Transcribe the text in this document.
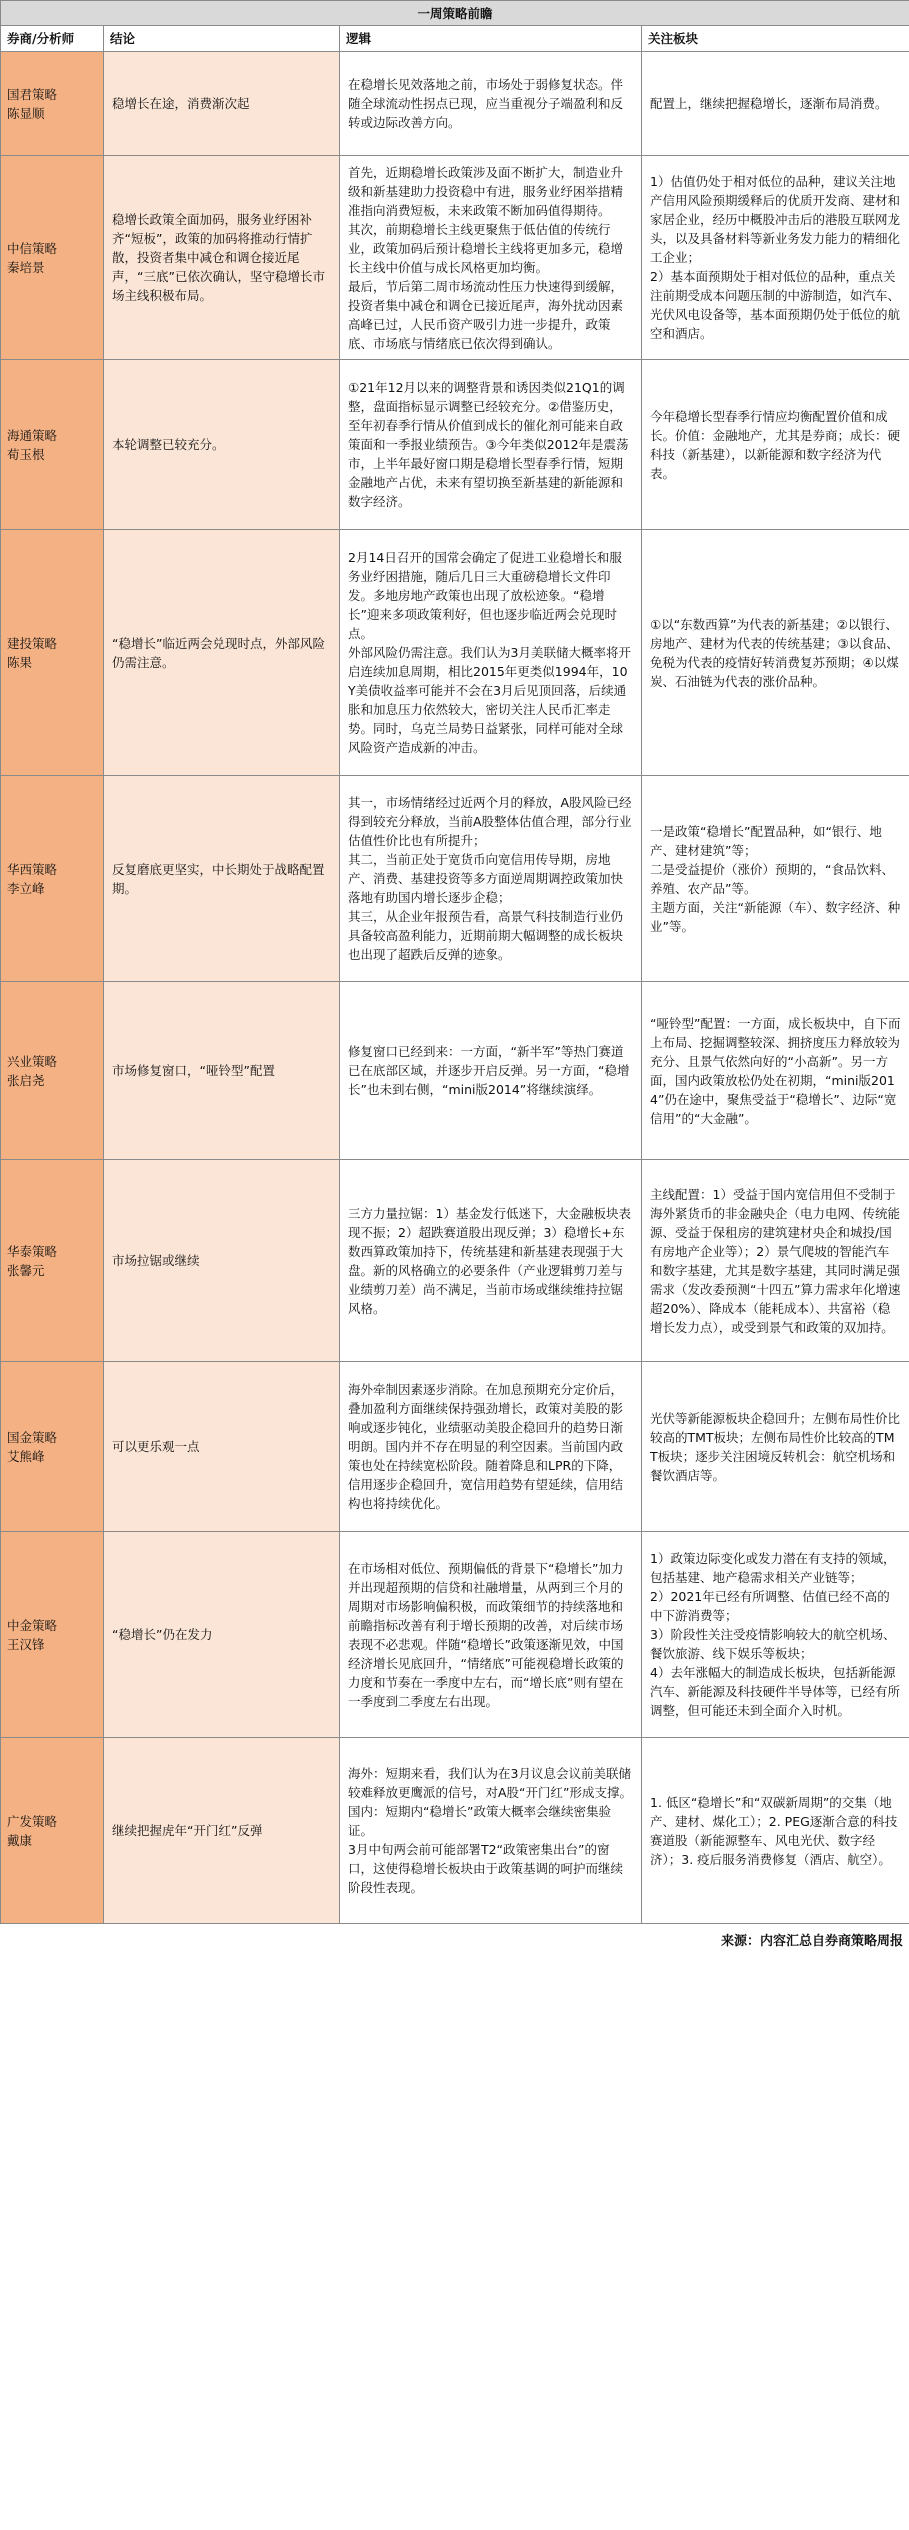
一周策略前瞻			
券商/分析师	结论	逻辑	关注板块

国君策略
陈显顺	稳增长在途，消费渐次起	在稳增长见效落地之前，市场处于弱修复状态。伴随全球流动性拐点已现，应当重视分子端盈利和反转或边际改善方向。	配置上，继续把握稳增长，逐渐布局消费。

中信策略
秦培景	稳增长政策全面加码，服务业纾困补齐“短板”，政策的加码将推动行情扩散，投资者集中减仓和调仓接近尾声，“三底”已依次确认，坚守稳增长市场主线积极布局。	首先，近期稳增长政策涉及面不断扩大，制造业升级和新基建助力投资稳中有进，服务业纾困举措精准指向消费短板，未来政策不断加码值得期待。
其次，前期稳增长主线更聚焦于低估值的传统行业，政策加码后预计稳增长主线将更加多元，稳增长主线中价值与成长风格更加均衡。
最后，节后第二周市场流动性压力快速得到缓解，投资者集中减仓和调仓已接近尾声，海外扰动因素高峰已过，人民币资产吸引力进一步提升，政策底、市场底与情绪底已依次得到确认。	1）估值仍处于相对低位的品种，建议关注地产信用风险预期缓释后的优质开发商、建材和家居企业，经历中概股冲击后的港股互联网龙头，以及具备材料等新业务发力能力的精细化工企业；
2）基本面预期处于相对低位的品种，重点关注前期受成本问题压制的中游制造，如汽车、光伏风电设备等，基本面预期仍处于低位的航空和酒店。

海通策略
荀玉根	本轮调整已较充分。	①21年12月以来的调整背景和诱因类似21Q1的调整，盘面指标显示调整已经较充分。②借鉴历史，至年初春季行情从价值到成长的催化剂可能来自政策面和一季报业绩预告。③今年类似2012年是震荡市，上半年最好窗口期是稳增长型春季行情，短期金融地产占优，未来有望切换至新基建的新能源和数字经济。	今年稳增长型春季行情应均衡配置价值和成长。价值：金融地产，尤其是券商；成长：硬科技（新基建），以新能源和数字经济为代表。

建投策略
陈果	“稳增长”临近两会兑现时点，外部风险仍需注意。	2月14日召开的国常会确定了促进工业稳增长和服务业纾困措施，随后几日三大重磅稳增长文件印发。多地房地产政策也出现了放松迹象。“稳增长”迎来多项政策利好，但也逐步临近两会兑现时点。
外部风险仍需注意。我们认为3月美联储大概率将开启连续加息周期，相比2015年更类似1994年，10Y美债收益率可能并不会在3月后见顶回落，后续通胀和加息压力依然较大，密切关注人民币汇率走势。同时，乌克兰局势日益紧张，同样可能对全球风险资产造成新的冲击。	①以“东数西算”为代表的新基建；②以银行、房地产、建材为代表的传统基建；③以食品、免税为代表的疫情好转消费复苏预期；④以煤炭、石油链为代表的涨价品种。

华西策略
李立峰	反复磨底更坚实，中长期处于战略配置期。	其一，市场情绪经过近两个月的释放，A股风险已经得到较充分释放，当前A股整体估值合理，部分行业估值性价比也有所提升；
其二，当前正处于宽货币向宽信用传导期，房地产、消费、基建投资等多方面逆周期调控政策加快落地有助国内增长逐步企稳；
其三，从企业年报预告看，高景气科技制造行业仍具备较高盈利能力，近期前期大幅调整的成长板块也出现了超跌后反弹的迹象。	一是政策“稳增长”配置品种，如“银行、地产、建材建筑”等；
二是受益提价（涨价）预期的，“食品饮料、养殖、农产品”等。
主题方面，关注“新能源（车）、数字经济、种业”等。

兴业策略
张启尧	市场修复窗口，“哑铃型”配置	修复窗口已经到来：一方面，“新半军”等热门赛道已在底部区域，并逐步开启反弹。另一方面，“稳增长”也未到右侧，“mini版2014”将继续演绎。	“哑铃型”配置：一方面，成长板块中，自下而上布局、挖掘调整较深、拥挤度压力释放较为充分、且景气依然向好的“小高新”。另一方面，国内政策放松仍处在初期，“mini版2014”仍在途中，聚焦受益于“稳增长”、边际“宽信用”的“大金融”。

华泰策略
张馨元	市场拉锯或继续	三方力量拉锯：1）基金发行低迷下，大金融板块表现不振；2）超跌赛道股出现反弹；3）稳增长+东数西算政策加持下，传统基建和新基建表现强于大盘。新的风格确立的必要条件（产业逻辑剪刀差与业绩剪刀差）尚不满足，当前市场或继续维持拉锯风格。	主线配置：1）受益于国内宽信用但不受制于海外紧货币的非金融央企（电力电网、传统能源、受益于保租房的建筑建材央企和城投/国有房地产企业等）；2）景气爬坡的智能汽车和数字基建，尤其是数字基建，其同时满足强需求（发改委预测“十四五”算力需求年化增速超20%）、降成本（能耗成本）、共富裕（稳增长发力点），或受到景气和政策的双加持。

国金策略
艾熊峰	可以更乐观一点	海外牵制因素逐步消除。在加息预期充分定价后，叠加盈利方面继续保持强劲增长，政策对美股的影响或逐步钝化，业绩驱动美股企稳回升的趋势日渐明朗。国内并不存在明显的利空因素。当前国内政策也处在持续宽松阶段。随着降息和LPR的下降，信用逐步企稳回升，宽信用趋势有望延续，信用结构也将持续优化。	光伏等新能源板块企稳回升；左侧布局性价比较高的TMT板块；左侧布局性价比较高的TMT板块；逐步关注困境反转机会：航空机场和餐饮酒店等。

中金策略
王汉锋	“稳增长”仍在发力	在市场相对低位、预期偏低的背景下“稳增长”加力并出现超预期的信贷和社融增量，从两到三个月的周期对市场影响偏积极，而政策细节的持续落地和前瞻指标改善有利于增长预期的改善，对后续市场表现不必悲观。伴随“稳增长”政策逐渐见效，中国经济增长见底回升，“情绪底”可能视稳增长政策的力度和节奏在一季度中左右，而“增长底”则有望在一季度到二季度左右出现。	1）政策边际变化或发力潜在有支持的领域，包括基建、地产稳需求相关产业链等；
2）2021年已经有所调整、估值已经不高的中下游消费等；
3）阶段性关注受疫情影响较大的航空机场、餐饮旅游、线下娱乐等板块；
4）去年涨幅大的制造成长板块，包括新能源汽车、新能源及科技硬件半导体等，已经有所调整，但可能还未到全面介入时机。

广发策略
戴康	继续把握虎年“开门红”反弹	海外：短期来看，我们认为在3月议息会议前美联储较难释放更鹰派的信号，对A股“开门红”形成支撑。
国内：短期内“稳增长”政策大概率会继续密集验证。
3月中旬两会前可能部署T2“政策密集出台”的窗口，这使得稳增长板块由于政策基调的呵护而继续阶段性表现。	1. 低区“稳增长”和“双碳新周期”的交集（地产、建材、煤化工）；2. PEG逐渐合意的科技赛道股（新能源整车、风电光伏、数字经济）；3. 疫后服务消费修复（酒店、航空）。
来源：内容汇总自券商策略周报
